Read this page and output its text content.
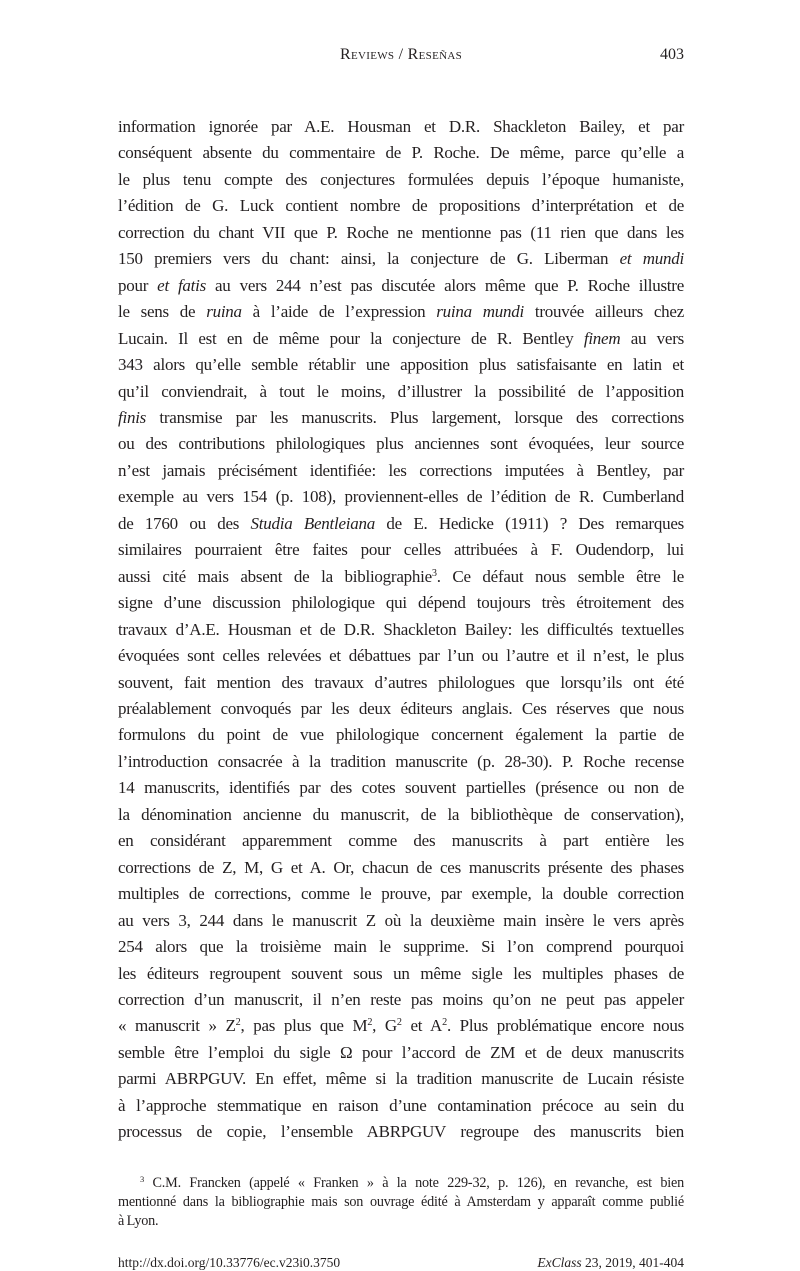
Reviews / Reseñas	403
information ignorée par A.E. Housman et D.R. Shackleton Bailey, et par
conséquent absente du commentaire de P. Roche. De même, parce qu’elle a
le plus tenu compte des conjectures formulées depuis l’époque humaniste,
l’édition de G. Luck contient nombre de propositions d’interprétation et de
correction du chant VII que P. Roche ne mentionne pas (11 rien que dans les
150 premiers vers du chant: ainsi, la conjecture de G. Liberman et mundi
pour et fatis au vers 244 n’est pas discutée alors même que P. Roche illustre
le sens de ruina à l’aide de l’expression ruina mundi trouvée ailleurs chez
Lucain. Il est en de même pour la conjecture de R. Bentley finem au vers
343 alors qu’elle semble rétablir une apposition plus satisfaisante en latin et
qu’il conviendrait, à tout le moins, d’illustrer la possibilité de l’apposition
finis transmise par les manuscrits. Plus largement, lorsque des corrections
ou des contributions philologiques plus anciennes sont évoquées, leur source
n’est jamais précisément identifiée: les corrections imputées à Bentley, par
exemple au vers 154 (p. 108), proviennent-elles de l’édition de R. Cumberland
de 1760 ou des Studia Bentleiana de E. Hedicke (1911) ? Des remarques
similaires pourraient être faites pour celles attribuées à F. Oudendorp, lui
aussi cité mais absent de la bibliographie$^3$. Ce défaut nous semble être le
signe d’une discussion philologique qui dépend toujours très étroitement des
travaux d’A.E. Housman et de D.R. Shackleton Bailey: les difficultés textuelles
évoquées sont celles relevées et débattues par l’un ou l’autre et il n’est, le plus
souvent, fait mention des travaux d’autres philologues que lorsqu’ils ont été
préalablement convoqués par les deux éditeurs anglais. Ces réserves que nous
formulons du point de vue philologique concernent également la partie de
l’introduction consacrée à la tradition manuscrite (p. 28-30). P. Roche recense
14 manuscrits, identifiés par des cotes souvent partielles (présence ou non de
la dénomination ancienne du manuscrit, de la bibliothèque de conservation),
en considérant apparemment comme des manuscrits à part entière les
corrections de Z, M, G et A. Or, chacun de ces manuscrits présente des phases
multiples de corrections, comme le prouve, par exemple, la double correction
au vers 3, 244 dans le manuscrit Z où la deuxième main insère le vers après
254 alors que la troisième main le supprime. Si l’on comprend pourquoi
les éditeurs regroupent souvent sous un même sigle les multiples phases de
correction d’un manuscrit, il n’en reste pas moins qu’on ne peut pas appeler
« manuscrit » $Z^2$, pas plus que $M^2$, $G^2$ et $A^2$. Plus problématique encore nous
semble être l’emploi du sigle Ω pour l’accord de ZM et de deux manuscrits
parmi ABRPGUV. En effet, même si la tradition manuscrite de Lucain résiste
à l’approche stemmatique en raison d’une contamination précoce au sein du
processus de copie, l’ensemble ABRPGUV regroupe des manuscrits bien
$^3$ C.M. Francken (appelé « Franken » à la note 229-32, p. 126), en revanche, est bien
mentionné dans la bibliographie mais son ouvrage édité à Amsterdam y apparaît comme publié
à Lyon.
http://dx.doi.org/10.33776/ec.v23i0.3750	ExClass 23, 2019, 401-404
